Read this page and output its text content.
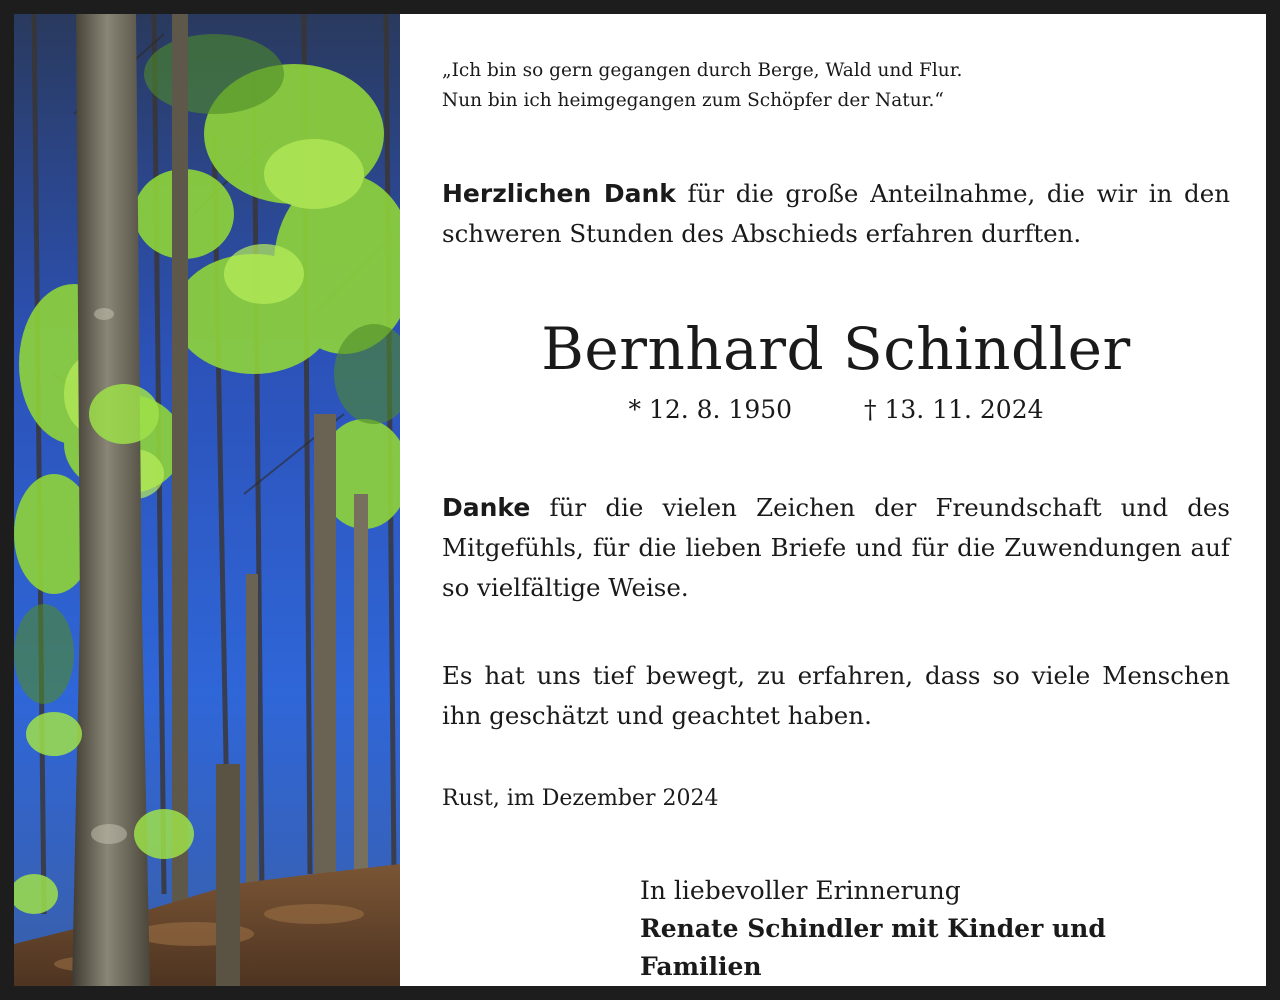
„Ich bin so gern gegangen durch Berge, Wald und Flur.
Nun bin ich heimgegangen zum Schöpfer der Natur.“
Herzlichen Dank für die große Anteilnahme, die wir in den schweren Stunden des Abschieds erfahren durften.
Bernhard Schindler
* 12. 8. 1950	† 13. 11. 2024
Danke für die vielen Zeichen der Freundschaft und des Mitgefühls, für die lieben Briefe und für die Zuwendungen auf so vielfältige Weise.
Es hat uns tief bewegt, zu erfahren, dass so viele Menschen ihn geschätzt und geachtet haben.
Rust, im Dezember 2024
In liebevoller Erinnerung
Renate Schindler mit Kinder und Familien
